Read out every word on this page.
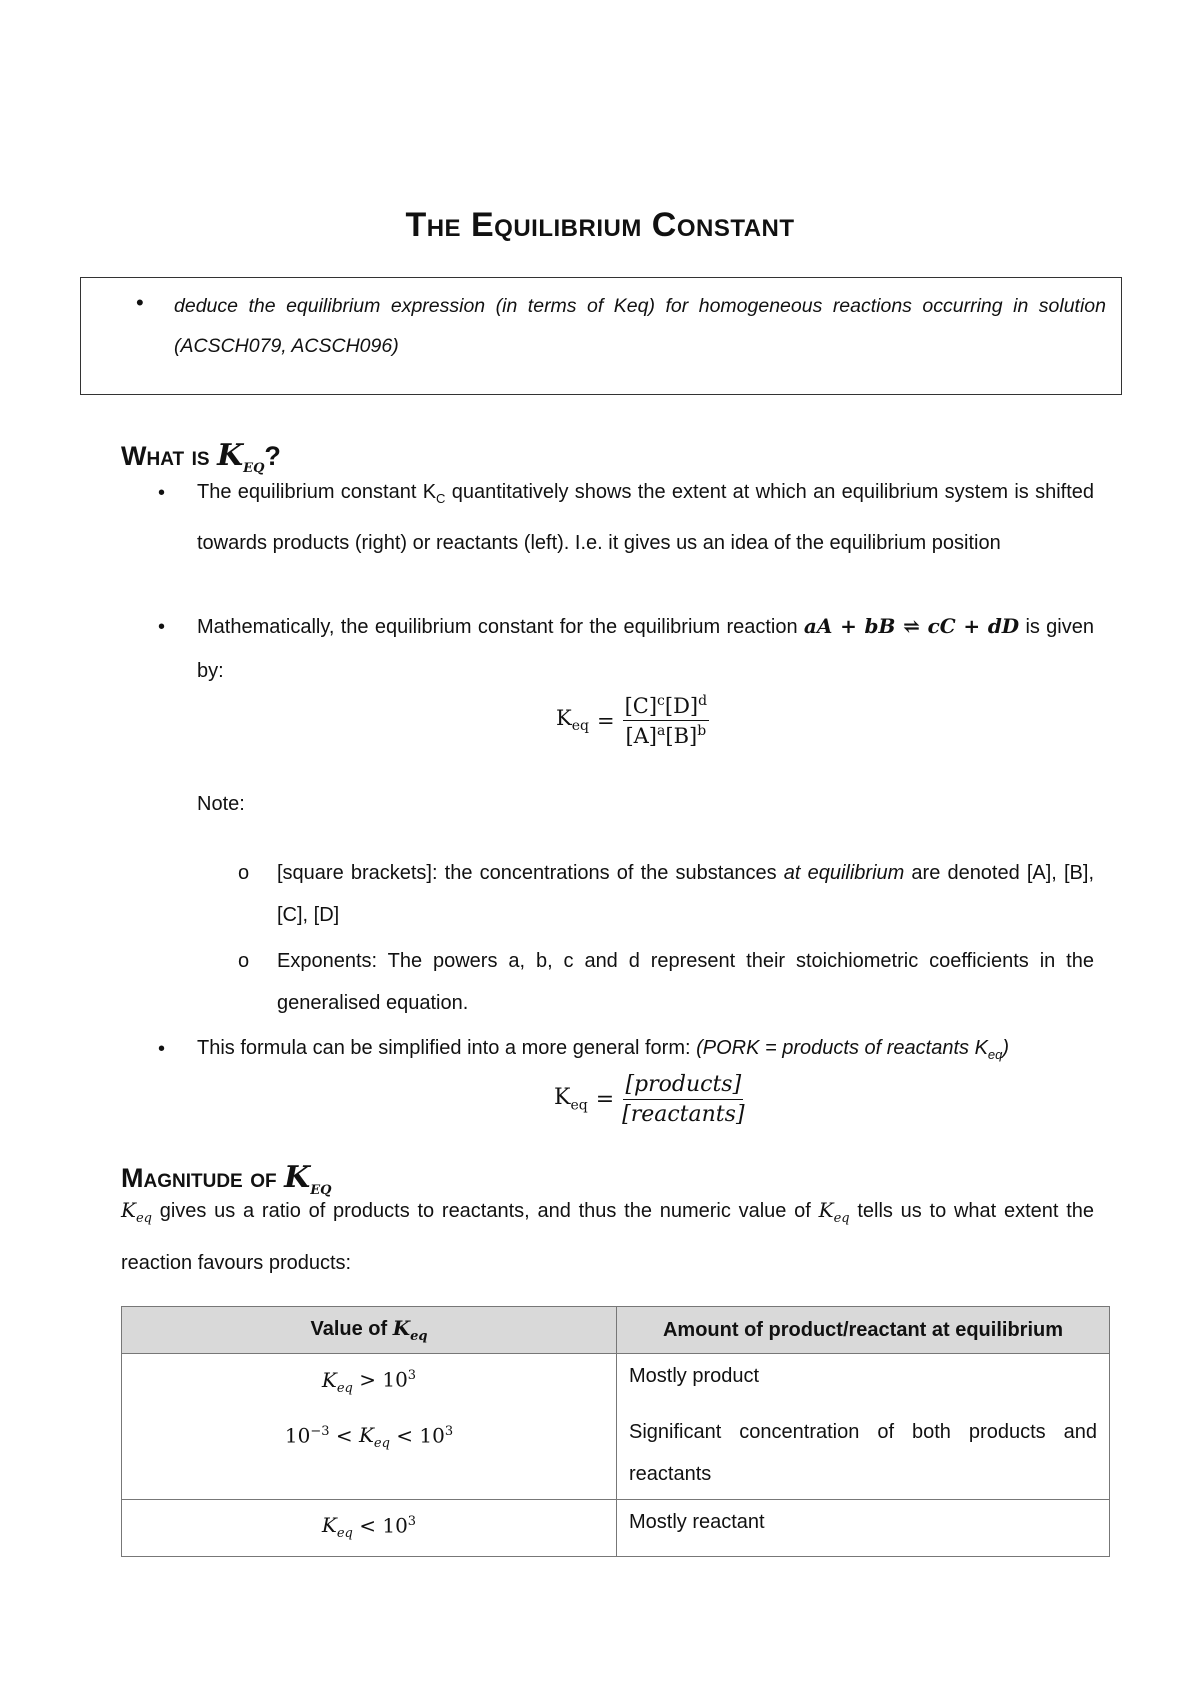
The Equilibrium Constant
• deduce the equilibrium expression (in terms of Keq) for homogeneous reactions occurring in solution (ACSCH079, ACSCH096)
What is $K_{eq}$?
• The equilibrium constant $K_C$ quantitatively shows the extent at which an equilibrium system is shifted towards products (right) or reactants (left). I.e. it gives us an idea of the equilibrium position
• Mathematically, the equilibrium constant for the equilibrium reaction aA + bB ⇌ cC + dD is given by:
$K_{eq} = \frac{[C]^c[D]^d}{[A]^a[B]^b}$
Note:
o [square brackets]: the concentrations of the substances at equilibrium are denoted [A], [B], [C], [D]
o Exponents: The powers a, b, c and d represent their stoichiometric coefficients in the generalised equation.
• This formula can be simplified into a more general form: (PORK = products of reactants $K_{eq}$)
$K_{eq} = \frac{\text{[products]}}{\text{[reactants]}}$
Magnitude of $K_{eq}$
$K_{eq}$ gives us a ratio of products to reactants, and thus the numeric value of $K_{eq}$ tells us to what extent the reaction favours products:
Value of $K_{eq}$	Amount of product/reactant at equilibrium
$K_{eq} > 10^3$	Mostly product
$10^{-3} < K_{eq} < 10^3$	Significant concentration of both products and reactants
$K_{eq} < 10^3$	Mostly reactant
